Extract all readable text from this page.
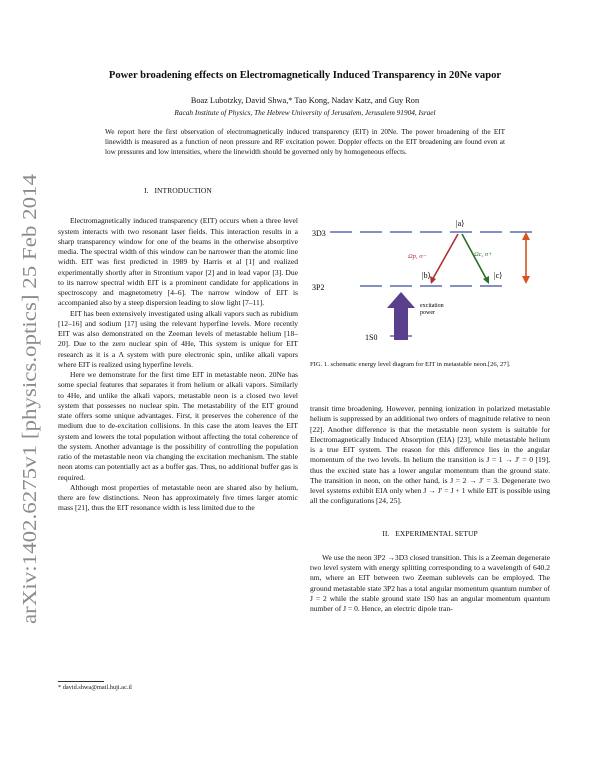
arXiv:1402.6275v1 [physics.optics] 25 Feb 2014
Power broadening effects on Electromagnetically Induced Transparency in 20Ne vapor
Boaz Lubotzky, David Shwa,* Tao Kong, Nadav Katz, and Guy Ron
Racah Institute of Physics, The Hebrew University of Jerusalem, Jerusalem 91904, Israel
We report here the first observation of electromagnetically induced transparency (EIT) in 20Ne. The power broadening of the EIT linewidth is measured as a function of neon pressure and RF excitation power. Doppler effects on the EIT broadening are found even at low pressures and low intensities, where the linewidth should be governed only by homogeneous effects.

I. INTRODUCTION

Electromagnetically induced transparency (EIT) occurs when a three level system interacts with two resonant laser fields. This interaction results in a sharp transparency window for one of the beams in the otherwise absorptive media. The spectral width of this window can be narrower than the atomic line width. EIT was first predicted in 1989 by Harris et al [1] and realized experimentally shortly after in Strontium vapor [2] and in lead vapor [3]. Due to its narrow spectral width EIT is a prominent candidate for applications in spectroscopy and magnetometry [4–6]. The narrow window of EIT is accompanied also by a steep dispersion leading to slow light [7–11].

EIT has been extensively investigated using alkali vapors such as rubidium [12–16] and sodium [17] using the relevant hyperfine levels. More recently EIT was also demonstrated on the Zeeman levels of metastable helium [18–20]. Due to the zero nuclear spin of 4He, This system is unique for EIT research as it is a Λ system with pure electronic spin, unlike alkali vapors where EIT is realized using hyperfine levels.

Here we demonstrate for the first time EIT in metastable neon. 20Ne has some special features that separates it from helium or alkali vapors. Similarly to 4He, and unlike the alkali vapors, metastable neon is a closed two level system that possesses no nuclear spin. The metastability of the EIT ground state offers some unique advantages. First, it preserves the coherence of the medium due to de-excitation collisions. In this case the atom leaves the EIT system and lowers the total population without affecting the total coherence of the system. Another advantage is the possibility of controlling the population ratio of the metastable neon via changing the excitation mechanism. The stable neon atoms can potentially act as a buffer gas. Thus, no additional buffer gas is required.

Although most properties of metastable neon are shared also by helium, there are few distinctions. Neon has approximately five times larger atomic mass [21], thus the EIT resonance width is less limited due to the

* david.shwa@mail.huji.ac.il
3D3
3P2
1S0
|a⟩
|b⟩	|c⟩
Ωp, σ−	Ωc, σ+
excitation
power
FIG. 1. schematic energy level diagram for EIT in metastable neon.[26, 27].

transit time broadening. However, penning ionization in polarized metastable helium is suppressed by an additional two orders of magnitude relative to neon [22]. Another difference is that the metastable neon system is suitable for Electromagnetically Induced Absorption (EIA) [23], while metastable helium is a true EIT system. The reason for this difference lies in the angular momentum of the two levels. In helium the transition is J = 1 → J′ = 0 [19], thus the excited state has a lower angular momentum than the ground state. The transition in neon, on the other hand, is J = 2 → J′ = 3. Degenerate two level systems exhibit EIA only when J → J′ = J + 1 while EIT is possible using all the configurations [24, 25].

II. EXPERIMENTAL SETUP

We use the neon 3P2 →3D3 closed transition. This is a Zeeman degenerate two level system with energy splitting corresponding to a wavelength of 640.2 nm, where an EIT between two Zeeman sublevels can be employed. The ground metastable state 3P2 has a total angular momentum quantum number of J = 2 while the stable ground state 1S0 has an angular momentum quantum number of J = 0. Hence, an electric dipole tran-
